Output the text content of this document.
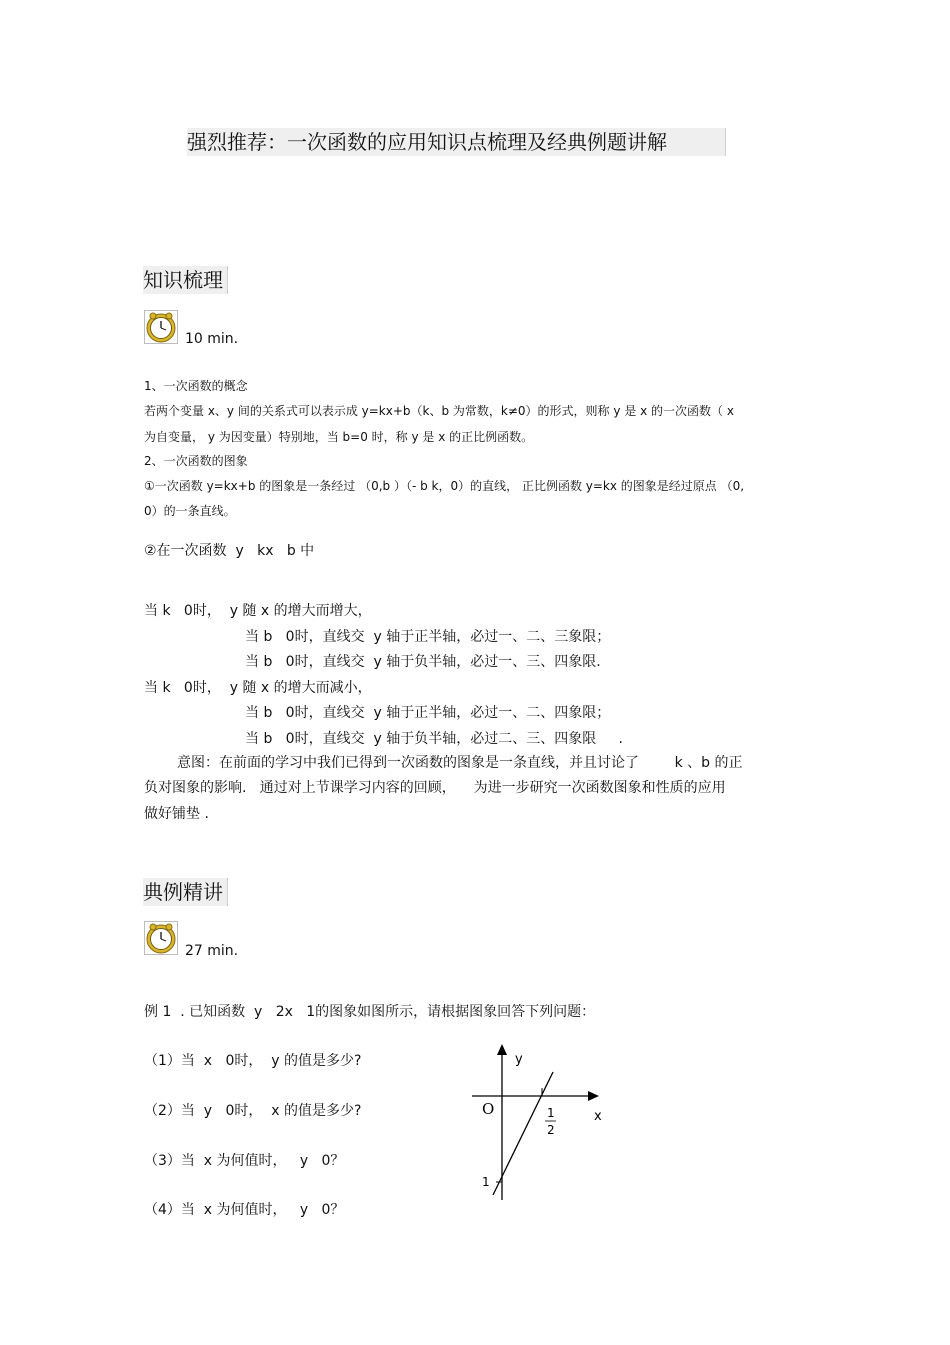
强烈推荐：一次函数的应用知识点梳理及经典例题讲解
知识梳理
10 min.
1、一次函数的概念
若两个变量 x、y 间的关系式可以表示成 y=kx+b（k、b 为常数，k≠0）的形式，则称 y 是 x 的一次函数（ x
为自变量， y 为因变量）特别地，当 b=0 时，称 y 是 x 的正比例函数。
2、一次函数的图象
①一次函数 y=kx+b 的图象是一条经过 （0,b ）（- b k，0）的直线， 正比例函数 y=kx 的图象是经过原点 （0,
0）的一条直线。
②在一次函数  y   kx   b 中
当 k   0时，  y 随 x 的增大而增大，
当 b   0时，直线交  y 轴于正半轴，必过一、二、三象限；
当 b   0时，直线交  y 轴于负半轴，必过一、三、四象限.
当 k   0时，  y 随 x 的增大而减小，
当 b   0时，直线交  y 轴于正半轴，必过一、二、四象限；
当 b   0时，直线交  y 轴于负半轴，必过二、三、四象限     .
意图：在前面的学习中我们已得到一次函数的图象是一条直线，并且讨论了        k 、b 的正
负对图象的影响.   通过对上节课学习内容的回顾，    为进一步研究一次函数图象和性质的应用
做好铺垫 .
典例精讲
27 min.
例 1  . 已知函数  y   2x   1的图象如图所示，请根据图象回答下列问题：
（1）当  x   0时，  y 的值是多少?
（2）当  y   0时，  x 的值是多少?
（3）当  x 为何值时，   y   0？
（4）当  x 为何值时，   y   0？
y
x
O	1
2
1
